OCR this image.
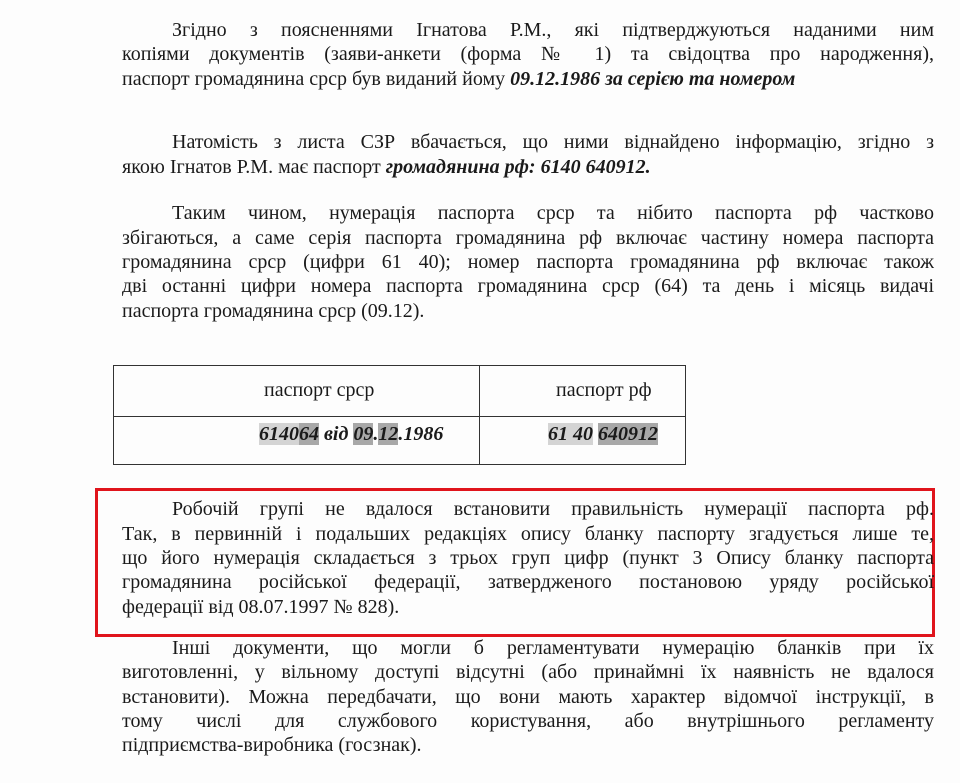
Згідно з поясненнями Ігнатова Р.М., які підтверджуються наданими ним
копіями документів (заяви-анкети (форма № 1) та свідоцтва про народження),
паспорт громадянина срср був виданий йому 09.12.1986 за серією та номером
Натомість з листа СЗР вбачається, що ними віднайдено інформацію, згідно з
якою Ігнатов Р.М. має паспорт громадянина рф: 6140 640912.
Таким чином, нумерація паспорта срср та нібито паспорта рф частково
збігаються, а саме серія паспорта громадянина рф включає частину номера паспорта
громадянина срср (цифри 61 40); номер паспорта громадянина рф включає також
дві останні цифри номера паспорта громадянина срср (64) та день і місяць видачі
паспорта громадянина срср (09.12).
паспорт срср	паспорт рф
614064 від 09.12.1986	61 40 640912
Робочій групі не вдалося встановити правильність нумерації паспорта рф.
Так, в первинній і подальших редакціях опису бланку паспорту згадується лише те,
що його нумерація складається з трьох груп цифр (пункт 3 Опису бланку паспорта
громадянина російської федерації, затвердженого постановою уряду російської
федерації від 08.07.1997 № 828).
Інші документи, що могли б регламентувати нумерацію бланків при їх
виготовленні, у вільному доступі відсутні (або принаймні їх наявність не вдалося
встановити). Можна передбачати, що вони мають характер відомчої інструкції, в
тому числі для службового користування, або внутрішнього регламенту
підприємства-виробника (госзнак).
